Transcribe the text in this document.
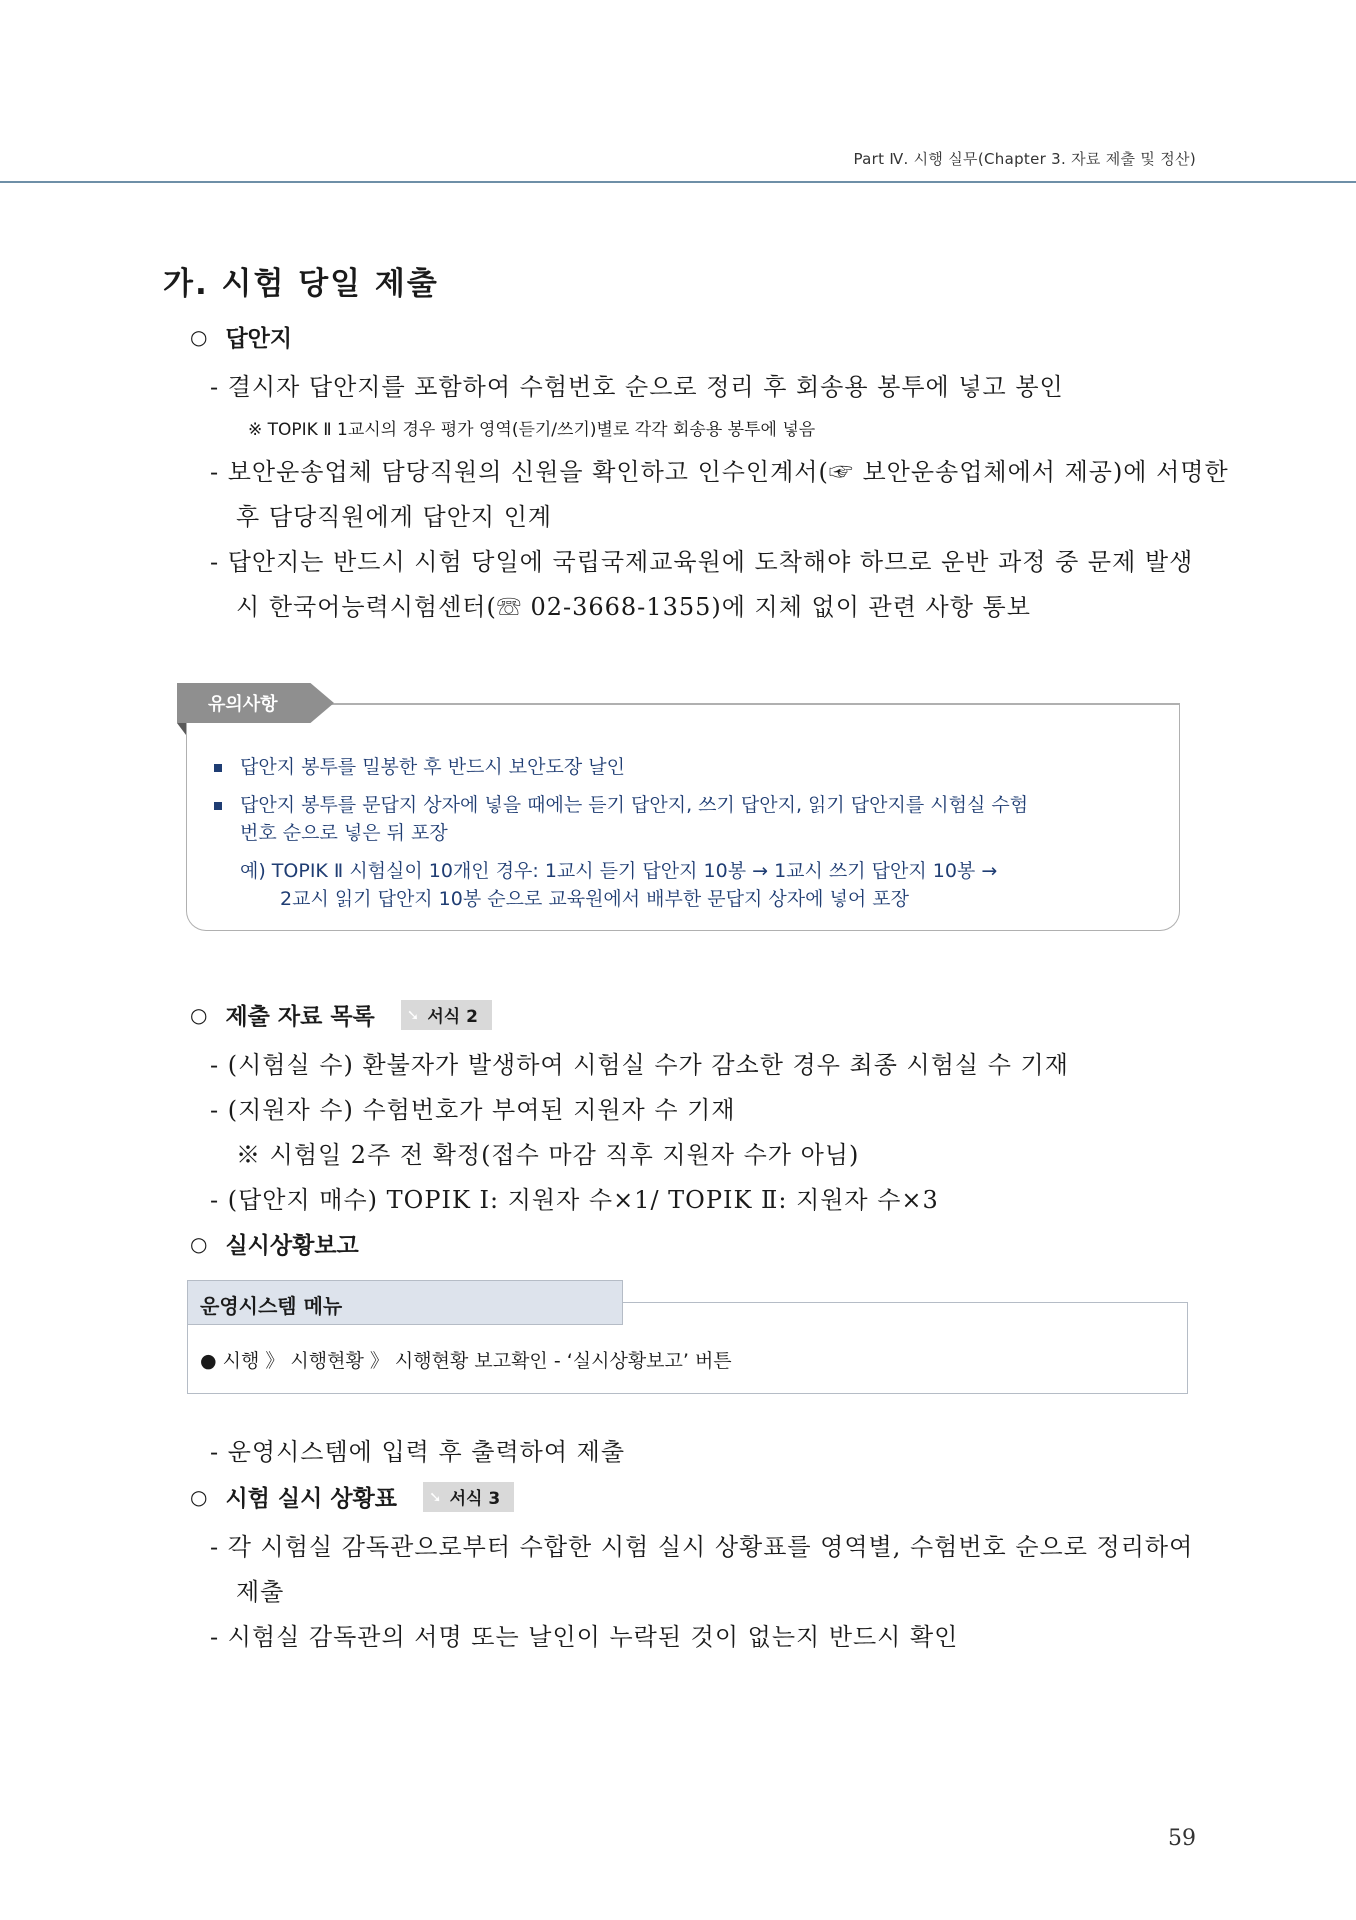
Part Ⅳ. 시행 실무(Chapter 3. 자료 제출 및 정산)
가. 시험 당일 제출
○ 답안지
- 결시자 답안지를 포함하여 수험번호 순으로 정리 후 회송용 봉투에 넣고 봉인
※ TOPIK Ⅱ 1교시의 경우 평가 영역(듣기/쓰기)별로 각각 회송용 봉투에 넣음
- 보안운송업체 담당직원의 신원을 확인하고 인수인계서(☞ 보안운송업체에서 제공)에 서명한
후 담당직원에게 답안지 인계
- 답안지는 반드시 시험 당일에 국립국제교육원에 도착해야 하므로 운반 과정 중 문제 발생
시 한국어능력시험센터(☏ 02-3668-1355)에 지체 없이 관련 사항 통보
유의사항
답안지 봉투를 밀봉한 후 반드시 보안도장 날인
답안지 봉투를 문답지 상자에 넣을 때에는 듣기 답안지, 쓰기 답안지, 읽기 답안지를 시험실 수험
번호 순으로 넣은 뒤 포장
예) TOPIK Ⅱ 시험실이 10개인 경우: 1교시 듣기 답안지 10봉 → 1교시 쓰기 답안지 10봉 →
2교시 읽기 답안지 10봉 순으로 교육원에서 배부한 문답지 상자에 넣어 포장
○ 제출 자료 목록 ➘ 서식 2
- (시험실 수) 환불자가 발생하여 시험실 수가 감소한 경우 최종 시험실 수 기재
- (지원자 수) 수험번호가 부여된 지원자 수 기재
※ 시험일 2주 전 확정(접수 마감 직후 지원자 수가 아님)
- (답안지 매수) TOPIK Ⅰ: 지원자 수×1/ TOPIK Ⅱ: 지원자 수×3
○ 실시상황보고
운영시스템 메뉴
● 시행 》 시행현황 》 시행현황 보고확인 - ‘실시상황보고’ 버튼
- 운영시스템에 입력 후 출력하여 제출
○ 시험 실시 상황표 ➘ 서식 3
- 각 시험실 감독관으로부터 수합한 시험 실시 상황표를 영역별, 수험번호 순으로 정리하여
제출
- 시험실 감독관의 서명 또는 날인이 누락된 것이 없는지 반드시 확인
59
